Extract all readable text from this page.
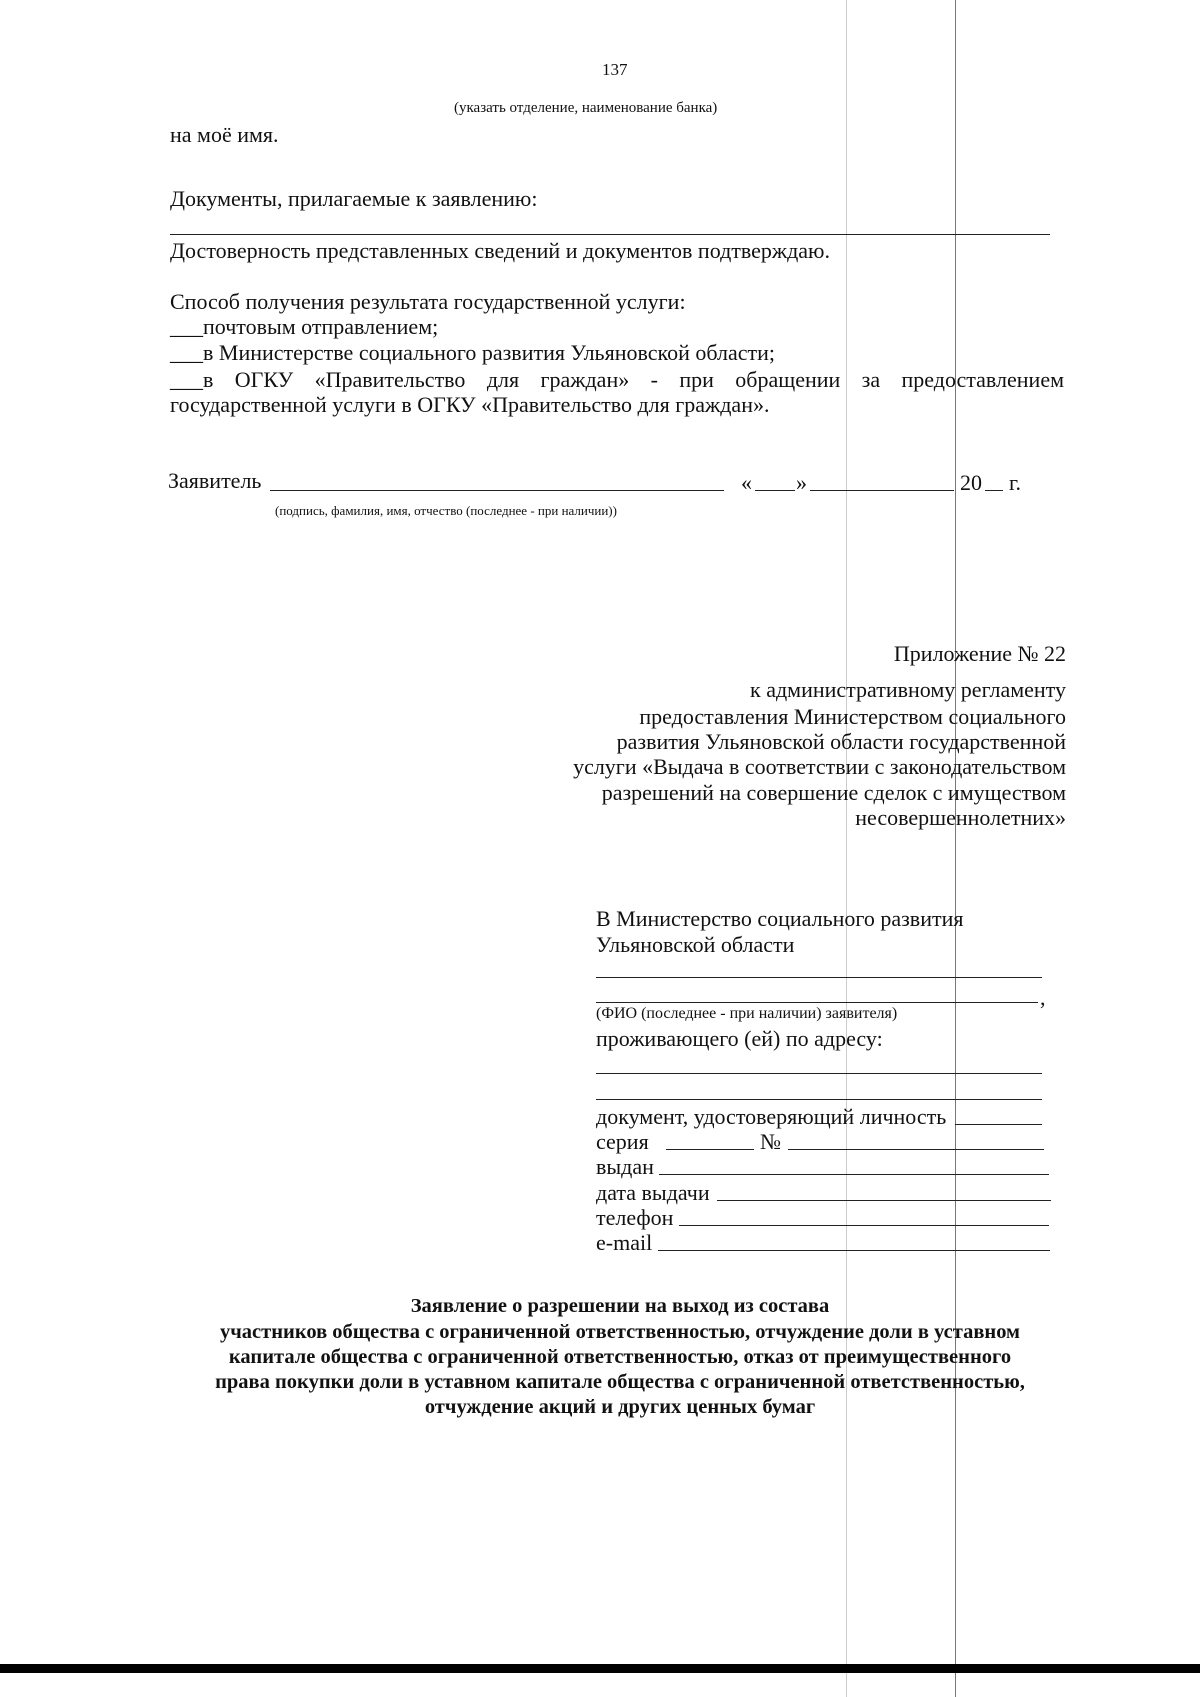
137
(указать отделение, наименование банка)
на моё имя.
Документы, прилагаемые к заявлению:
Достоверность представленных сведений и документов подтверждаю.
Способ получения результата государственной услуги:
___почтовым отправлением;
___в Министерстве социального развития Ульяновской области;
___в ОГКУ «Правительство для граждан» - при обращении за предоставлением
государственной услуги в ОГКУ «Правительство для граждан».
Заявитель	« »	20 г.
(подпись, фамилия, имя, отчество (последнее - при наличии))
Приложение № 22
к административному регламенту
предоставления Министерством социального
развития Ульяновской области государственной
услуги «Выдача в соответствии с законодательством
разрешений на совершение сделок с имуществом
несовершеннолетних»
В Министерство социального развития
Ульяновской области
,
(ФИО (последнее - при наличии) заявителя)
проживающего (ей) по адресу:
документ, удостоверяющий личность
серия	№
выдан
дата выдачи
телефон
e-mail
Заявление о разрешении на выход из состава
участников общества с ограниченной ответственностью, отчуждение доли в уставном
капитале общества с ограниченной ответственностью, отказ от преимущественного
права покупки доли в уставном капитале общества с ограниченной ответственностью,
отчуждение акций и других ценных бумаг
